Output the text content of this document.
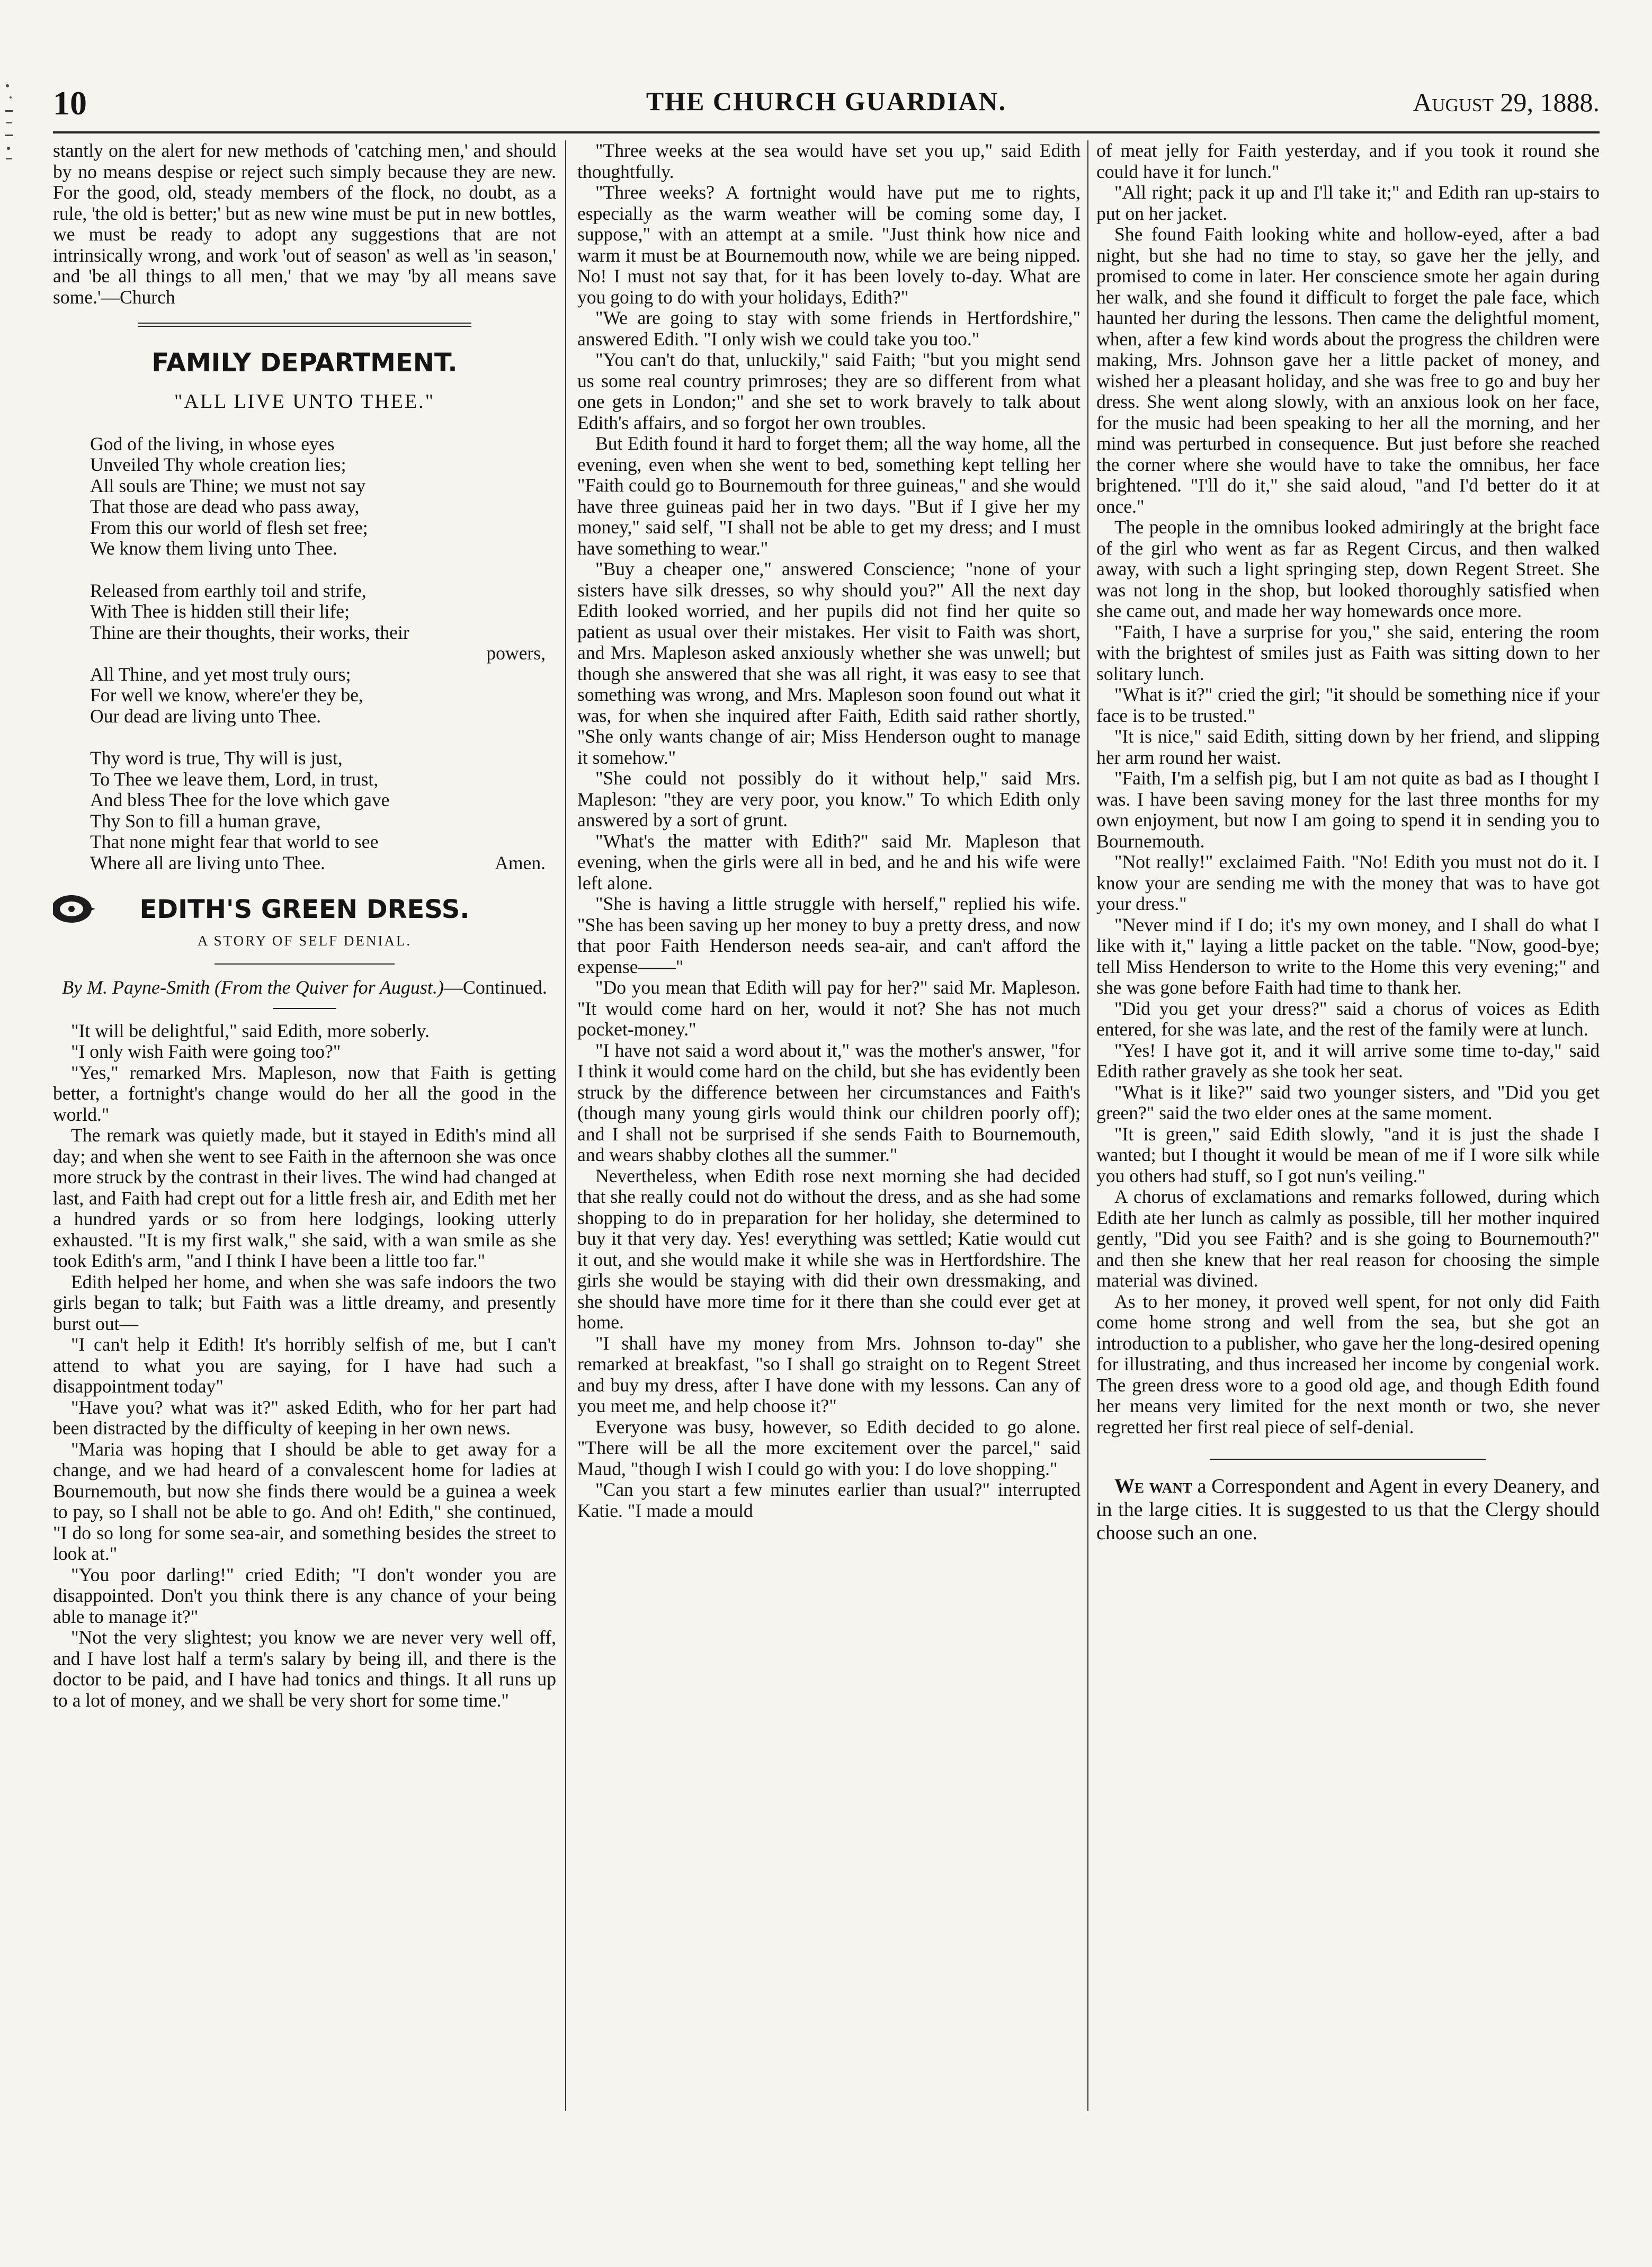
10	THE CHURCH GUARDIAN.	August 29, 1888.

stantly on the alert for new methods of 'catching men,' and should by no means despise or reject such simply because they are new. For the good, old, steady members of the flock, no doubt, as a rule, 'the old is better;' but as new wine must be put in new bottles, we must be ready to adopt any suggestions that are not intrinsically wrong, and work 'out of season' as well as 'in season,' and 'be all things to all men,' that we may 'by all means save some.'—Church

FAMILY DEPARTMENT.
"ALL LIVE UNTO THEE."
God of the living, in whose eyes
Unveiled Thy whole creation lies;
All souls are Thine; we must not say
That those are dead who pass away,
From this our world of flesh set free;
We know them living unto Thee.
Released from earthly toil and strife,
With Thee is hidden still their life;
Thine are their thoughts, their works, their
powers,
All Thine, and yet most truly ours;
For well we know, where'er they be,
Our dead are living unto Thee.
Thy word is true, Thy will is just,
To Thee we leave them, Lord, in trust,
And bless Thee for the love which gave
Thy Son to fill a human grave,
That none might fear that world to see
Where all are living unto Thee.	Amen.
EDITH'S GREEN DRESS.
A STORY OF SELF DENIAL.

By M. Payne-Smith (From the Quiver for August.)—Continued.

"It will be delightful," said Edith, more soberly.

"I only wish Faith were going too?"

"Yes," remarked Mrs. Mapleson, now that Faith is getting better, a fortnight's change would do her all the good in the world."

The remark was quietly made, but it stayed in Edith's mind all day; and when she went to see Faith in the afternoon she was once more struck by the contrast in their lives. The wind had changed at last, and Faith had crept out for a little fresh air, and Edith met her a hundred yards or so from here lodgings, looking utterly exhausted. "It is my first walk," she said, with a wan smile as she took Edith's arm, "and I think I have been a little too far."

Edith helped her home, and when she was safe indoors the two girls began to talk; but Faith was a little dreamy, and presently burst out—

"I can't help it Edith! It's horribly selfish of me, but I can't attend to what you are saying, for I have had such a disappointment today"

"Have you? what was it?" asked Edith, who for her part had been distracted by the difficulty of keeping in her own news.

"Maria was hoping that I should be able to get away for a change, and we had heard of a convalescent home for ladies at Bournemouth, but now she finds there would be a guinea a week to pay, so I shall not be able to go. And oh! Edith," she continued, "I do so long for some sea-air, and something besides the street to look at."

"You poor darling!" cried Edith; "I don't wonder you are disappointed. Don't you think there is any chance of your being able to manage it?"

"Not the very slightest; you know we are never very well off, and I have lost half a term's salary by being ill, and there is the doctor to be paid, and I have had tonics and things. It all runs up to a lot of money, and we shall be very short for some time."

"Three weeks at the sea would have set you up," said Edith thoughtfully.

"Three weeks? A fortnight would have put me to rights, especially as the warm weather will be coming some day, I suppose," with an attempt at a smile. "Just think how nice and warm it must be at Bournemouth now, while we are being nipped. No! I must not say that, for it has been lovely to-day. What are you going to do with your holidays, Edith?"

"We are going to stay with some friends in Hertfordshire," answered Edith. "I only wish we could take you too."

"You can't do that, unluckily," said Faith; "but you might send us some real country primroses; they are so different from what one gets in London;" and she set to work bravely to talk about Edith's affairs, and so forgot her own troubles.

But Edith found it hard to forget them; all the way home, all the evening, even when she went to bed, something kept telling her "Faith could go to Bournemouth for three guineas," and she would have three guineas paid her in two days. "But if I give her my money," said self, "I shall not be able to get my dress; and I must have something to wear."

"Buy a cheaper one," answered Conscience; "none of your sisters have silk dresses, so why should you?" All the next day Edith looked worried, and her pupils did not find her quite so patient as usual over their mistakes. Her visit to Faith was short, and Mrs. Mapleson asked anxiously whether she was unwell; but though she answered that she was all right, it was easy to see that something was wrong, and Mrs. Mapleson soon found out what it was, for when she inquired after Faith, Edith said rather shortly, "She only wants change of air; Miss Henderson ought to manage it somehow."

"She could not possibly do it without help," said Mrs. Mapleson: "they are very poor, you know." To which Edith only answered by a sort of grunt.

"What's the matter with Edith?" said Mr. Mapleson that evening, when the girls were all in bed, and he and his wife were left alone.

"She is having a little struggle with herself," replied his wife. "She has been saving up her money to buy a pretty dress, and now that poor Faith Henderson needs sea-air, and can't afford the expense——"

"Do you mean that Edith will pay for her?" said Mr. Mapleson. "It would come hard on her, would it not? She has not much pocket-money."

"I have not said a word about it," was the mother's answer, "for I think it would come hard on the child, but she has evidently been struck by the difference between her circumstances and Faith's (though many young girls would think our children poorly off); and I shall not be surprised if she sends Faith to Bournemouth, and wears shabby clothes all the summer."

Nevertheless, when Edith rose next morning she had decided that she really could not do without the dress, and as she had some shopping to do in preparation for her holiday, she determined to buy it that very day. Yes! everything was settled; Katie would cut it out, and she would make it while she was in Hertfordshire. The girls she would be staying with did their own dressmaking, and she should have more time for it there than she could ever get at home.

"I shall have my money from Mrs. Johnson to-day" she remarked at breakfast, "so I shall go straight on to Regent Street and buy my dress, after I have done with my lessons. Can any of you meet me, and help choose it?"

Everyone was busy, however, so Edith decided to go alone. "There will be all the more excitement over the parcel," said Maud, "though I wish I could go with you: I do love shopping."

"Can you start a few minutes earlier than usual?" interrupted Katie. "I made a mould

of meat jelly for Faith yesterday, and if you took it round she could have it for lunch."

"All right; pack it up and I'll take it;" and Edith ran up-stairs to put on her jacket.

She found Faith looking white and hollow-eyed, after a bad night, but she had no time to stay, so gave her the jelly, and promised to come in later. Her conscience smote her again during her walk, and she found it difficult to forget the pale face, which haunted her during the lessons. Then came the delightful moment, when, after a few kind words about the progress the children were making, Mrs. Johnson gave her a little packet of money, and wished her a pleasant holiday, and she was free to go and buy her dress. She went along slowly, with an anxious look on her face, for the music had been speaking to her all the morning, and her mind was perturbed in consequence. But just before she reached the corner where she would have to take the omnibus, her face brightened. "I'll do it," she said aloud, "and I'd better do it at once."

The people in the omnibus looked admiringly at the bright face of the girl who went as far as Regent Circus, and then walked away, with such a light springing step, down Regent Street. She was not long in the shop, but looked thoroughly satisfied when she came out, and made her way homewards once more.

"Faith, I have a surprise for you," she said, entering the room with the brightest of smiles just as Faith was sitting down to her solitary lunch.

"What is it?" cried the girl; "it should be something nice if your face is to be trusted."

"It is nice," said Edith, sitting down by her friend, and slipping her arm round her waist.

"Faith, I'm a selfish pig, but I am not quite as bad as I thought I was. I have been saving money for the last three months for my own enjoyment, but now I am going to spend it in sending you to Bournemouth.

"Not really!" exclaimed Faith. "No! Edith you must not do it. I know your are sending me with the money that was to have got your dress."

"Never mind if I do; it's my own money, and I shall do what I like with it," laying a little packet on the table. "Now, good-bye; tell Miss Henderson to write to the Home this very evening;" and she was gone before Faith had time to thank her.

"Did you get your dress?" said a chorus of voices as Edith entered, for she was late, and the rest of the family were at lunch.

"Yes! I have got it, and it will arrive some time to-day," said Edith rather gravely as she took her seat.

"What is it like?" said two younger sisters, and "Did you get green?" said the two elder ones at the same moment.

"It is green," said Edith slowly, "and it is just the shade I wanted; but I thought it would be mean of me if I wore silk while you others had stuff, so I got nun's veiling."

A chorus of exclamations and remarks followed, during which Edith ate her lunch as calmly as possible, till her mother inquired gently, "Did you see Faith? and is she going to Bournemouth?" and then she knew that her real reason for choosing the simple material was divined.

As to her money, it proved well spent, for not only did Faith come home strong and well from the sea, but she got an introduction to a publisher, who gave her the long-desired opening for illustrating, and thus increased her income by congenial work. The green dress wore to a good old age, and though Edith found her means very limited for the next month or two, she never regretted her first real piece of self-denial.

We want a Correspondent and Agent in every Deanery, and in the large cities. It is suggested to us that the Clergy should choose such an one.
